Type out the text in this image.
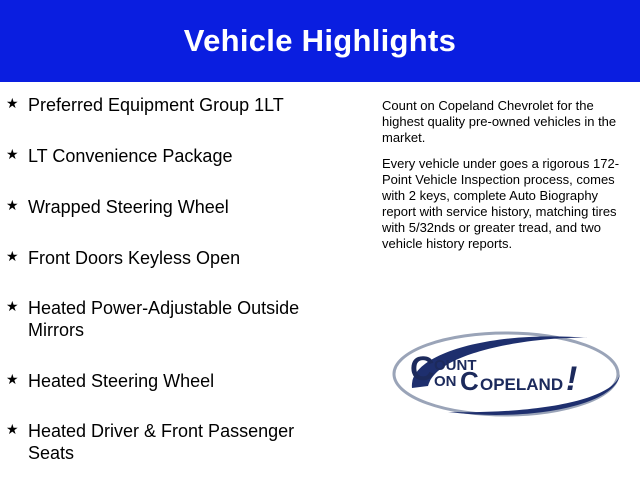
Vehicle Highlights
★ Preferred Equipment Group 1LT
★ LT Convenience Package
★ Wrapped Steering Wheel
★ Front Doors Keyless Open
★ Heated Power-Adjustable Outside Mirrors
★ Heated Steering Wheel
★ Heated Driver & Front Passenger Seats

Count on Copeland Chevrolet for the highest quality pre-owned vehicles in the market.

Every vehicle under goes a rigorous 172-Point Vehicle Inspection process, comes with 2 keys, complete Auto Biography report with service history, matching tires with 5/32nds or greater tread, and two vehicle history reports.

C OUNT
ON C OPELAND !
